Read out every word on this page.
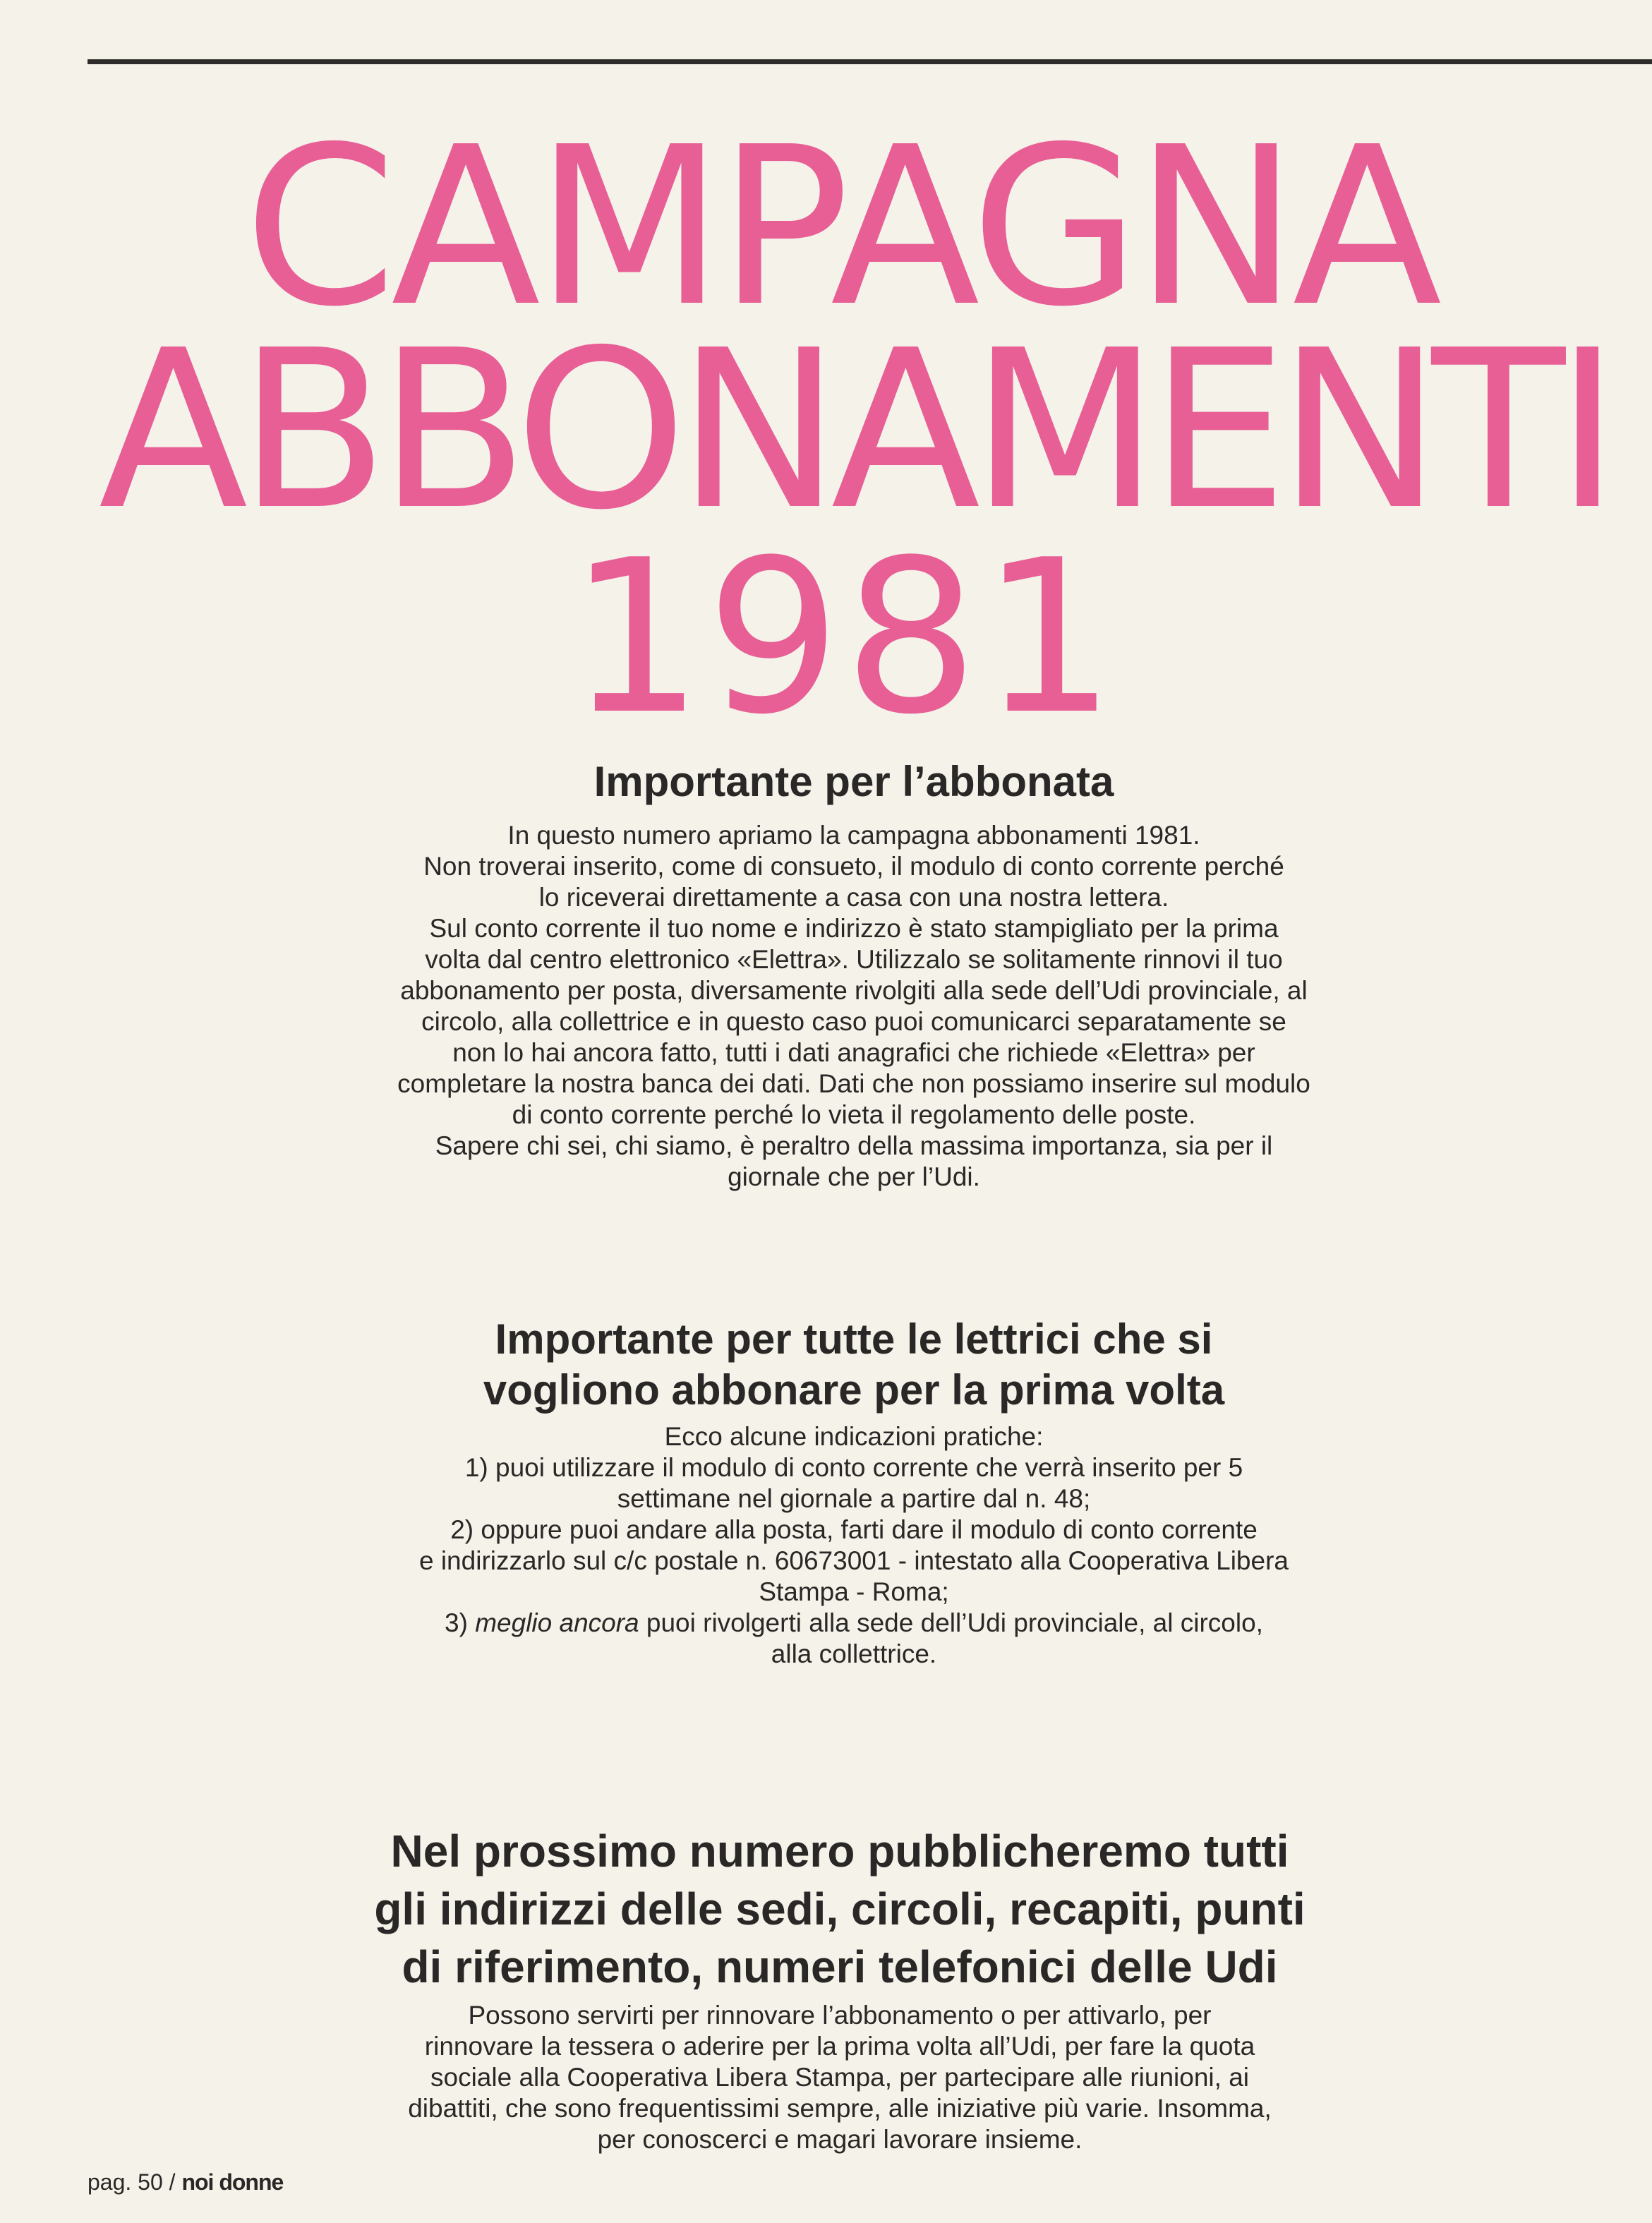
CAMPAGNA
ABBONAMENTI
1981
Importante per l’abbonata

In questo numero apriamo la campagna abbonamenti 1981.

Non troverai inserito, come di consueto, il modulo di conto corrente perché

lo riceverai direttamente a casa con una nostra lettera.

Sul conto corrente il tuo nome e indirizzo è stato stampigliato per la prima

volta dal centro elettronico «Elettra». Utilizzalo se solitamente rinnovi il tuo

abbonamento per posta, diversamente rivolgiti alla sede dell’Udi provinciale, al

circolo, alla collettrice e in questo caso puoi comunicarci separatamente se

non lo hai ancora fatto, tutti i dati anagrafici che richiede «Elettra» per

completare la nostra banca dei dati. Dati che non possiamo inserire sul modulo

di conto corrente perché lo vieta il regolamento delle poste.

Sapere chi sei, chi siamo, è peraltro della massima importanza, sia per il

giornale che per l’Udi.

Importante per tutte le lettrici che si
vogliono abbonare per la prima volta

Ecco alcune indicazioni pratiche:

1) puoi utilizzare il modulo di conto corrente che verrà inserito per 5

settimane nel giornale a partire dal n. 48;

2) oppure puoi andare alla posta, farti dare il modulo di conto corrente

e indirizzarlo sul c/c postale n. 60673001 - intestato alla Cooperativa Libera

Stampa - Roma;

3) meglio ancora puoi rivolgerti alla sede dell’Udi provinciale, al circolo,

alla collettrice.

Nel prossimo numero pubblicheremo tutti
gli indirizzi delle sedi, circoli, recapiti, punti
di riferimento, numeri telefonici delle Udi

Possono servirti per rinnovare l’abbonamento o per attivarlo, per

rinnovare la tessera o aderire per la prima volta all’Udi, per fare la quota

sociale alla Cooperativa Libera Stampa, per partecipare alle riunioni, ai

dibattiti, che sono frequentissimi sempre, alle iniziative più varie. Insomma,

per conoscerci e magari lavorare insieme.

pag. 50 / noi donne
